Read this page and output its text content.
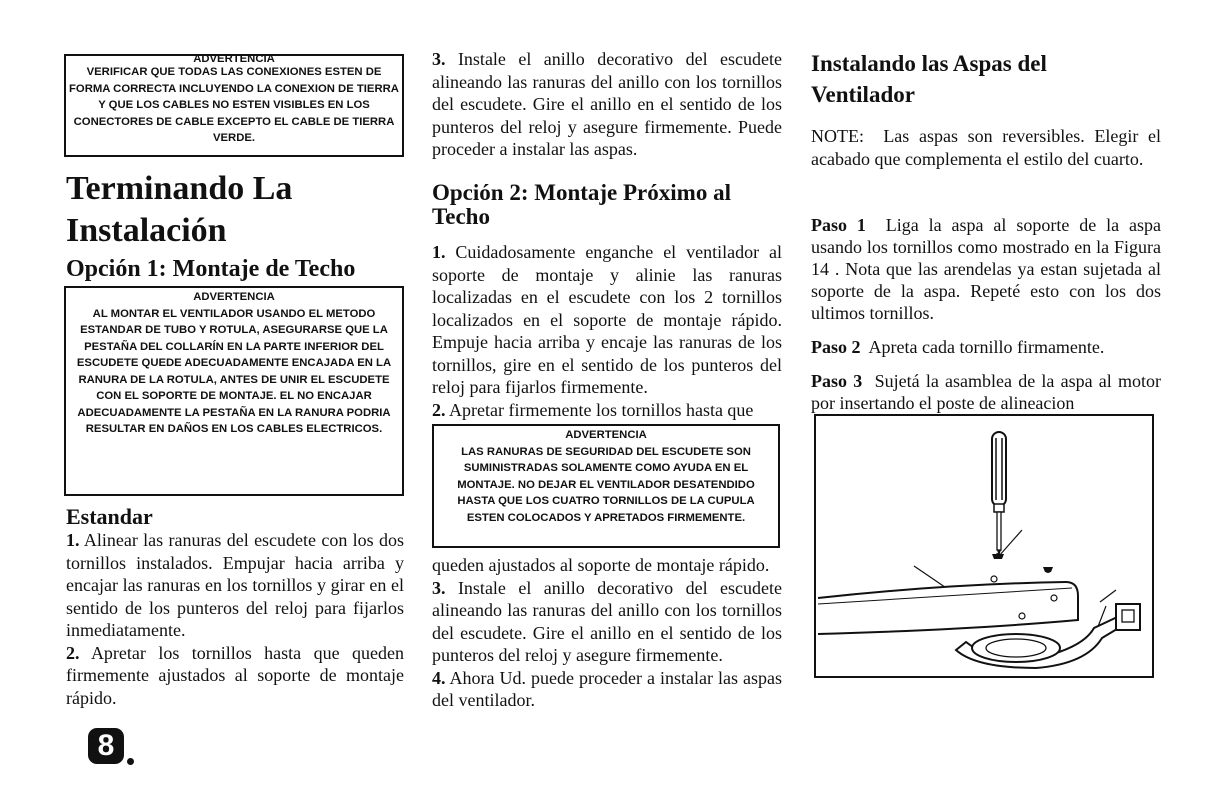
ADVERTENCIA
VERIFICAR QUE TODAS LAS CONEXIONES ESTEN DE FORMA CORRECTA INCLUYENDO LA CONEXION DE TIERRA Y QUE LOS CABLES NO ESTEN VISIBLES EN LOS CONECTORES DE CABLE EXCEPTO EL CABLE DE TIERRA VERDE.
Terminando La Instalación
Opción 1: Montaje de Techo
ADVERTENCIA
AL MONTAR EL VENTILADOR USANDO EL METODO ESTANDAR DE TUBO Y ROTULA, ASEGURARSE QUE LA PESTAÑA DEL COLLARÍN EN LA PARTE INFERIOR DEL ESCUDETE QUEDE ADECUADAMENTE ENCAJADA EN LA RANURA DE LA ROTULA, ANTES DE UNIR EL ESCUDETE CON EL SOPORTE DE MONTAJE. EL NO ENCAJAR ADECUADAMENTE LA PESTAÑA EN LA RANURA PODRIA RESULTAR EN DAÑOS EN LOS CABLES ELECTRICOS.
Estandar

1. Alinear las ranuras del escudete con los dos tornillos instalados. Empujar hacia arriba y encajar las ranuras en los tornillos y girar en el sentido de los punteros del reloj para fijarlos inmediatamente.

2. Apretar los tornillos hasta que queden firmemente ajustados al soporte de montaje rápido.

8

3. Instale el anillo decorativo del escudete alineando las ranuras del anillo con los tornillos del escudete. Gire el anillo en el sentido de los punteros del reloj y asegure firmemente. Puede proceder a instalar las aspas.

Opción 2: Montaje Próximo al Techo

1. Cuidadosamente enganche el ventilador al soporte de montaje y alinie las ranuras localizadas en el escudete con los 2 tornillos localizados en el soporte de montaje rápido. Empuje hacia arriba y encaje las ranuras de los tornillos, gire en el sentido de los punteros del reloj para fijarlos firmemente.

2. Apretar firmemente los tornillos hasta que

ADVERTENCIA
LAS RANURAS DE SEGURIDAD DEL ESCUDETE SON SUMINISTRADAS SOLAMENTE COMO AYUDA EN EL MONTAJE. NO DEJAR EL VENTILADOR DESATENDIDO HASTA QUE LOS CUATRO TORNILLOS DE LA CUPULA ESTEN COLOCADOS Y APRETADOS FIRMEMENTE.

queden ajustados al soporte de montaje rápido.

3. Instale el anillo decorativo del escudete alineando las ranuras del anillo con los tornillos del escudete. Gire el anillo en el sentido de los punteros del reloj y asegure firmemente.

4. Ahora Ud. puede proceder a instalar las aspas del ventilador.

Instalando las Aspas del Ventilador

NOTE: Las aspas son reversibles. Elegir el acabado que complementa el estilo del cuarto.

Paso 1 Liga la aspa al soporte de la aspa usando los tornillos como mostrado en la Figura 14 . Nota que las arendelas ya estan sujetada al soporte de la aspa. Repeté esto con los dos ultimos tornillos.

Paso 2 Apreta cada tornillo firmamente.

Paso 3 Sujetá la asamblea de la aspa al motor por insertando el poste de alineacion
